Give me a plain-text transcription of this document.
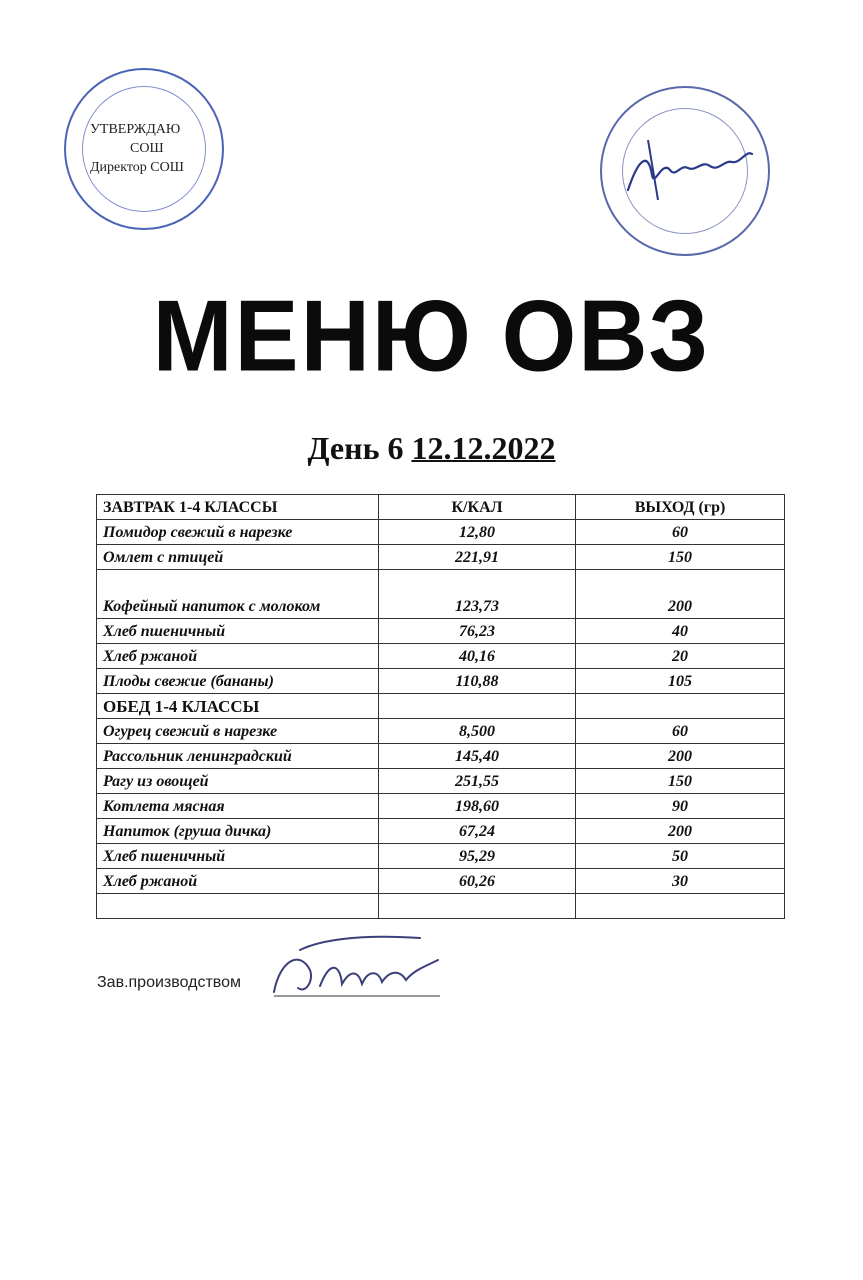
УТВЕРЖДАЮ
СОШ
Директор СОШ
МЕНЮ ОВЗ
День 6 12.12.2022
ЗАВТРАК 1-4 КЛАССЫ	К/КАЛ	ВЫХОД (гр)
Помидор свежий в нарезке	12,80	60
Омлет с птицей	221,91	150
Кофейный напиток с молоком	123,73	200
Хлеб пшеничный	76,23	40
Хлеб ржаной	40,16	20
Плоды свежие (бананы)	110,88	105
ОБЕД 1-4 КЛАССЫ		
Огурец свежий в нарезке	8,500	60
Рассольник ленинградский	145,40	200
Рагу из овощей	251,55	150
Котлета мясная	198,60	90
Напиток (груша дичка)	67,24	200
Хлеб пшеничный	95,29	50
Хлеб ржаной	60,26	30

Зав.производством
